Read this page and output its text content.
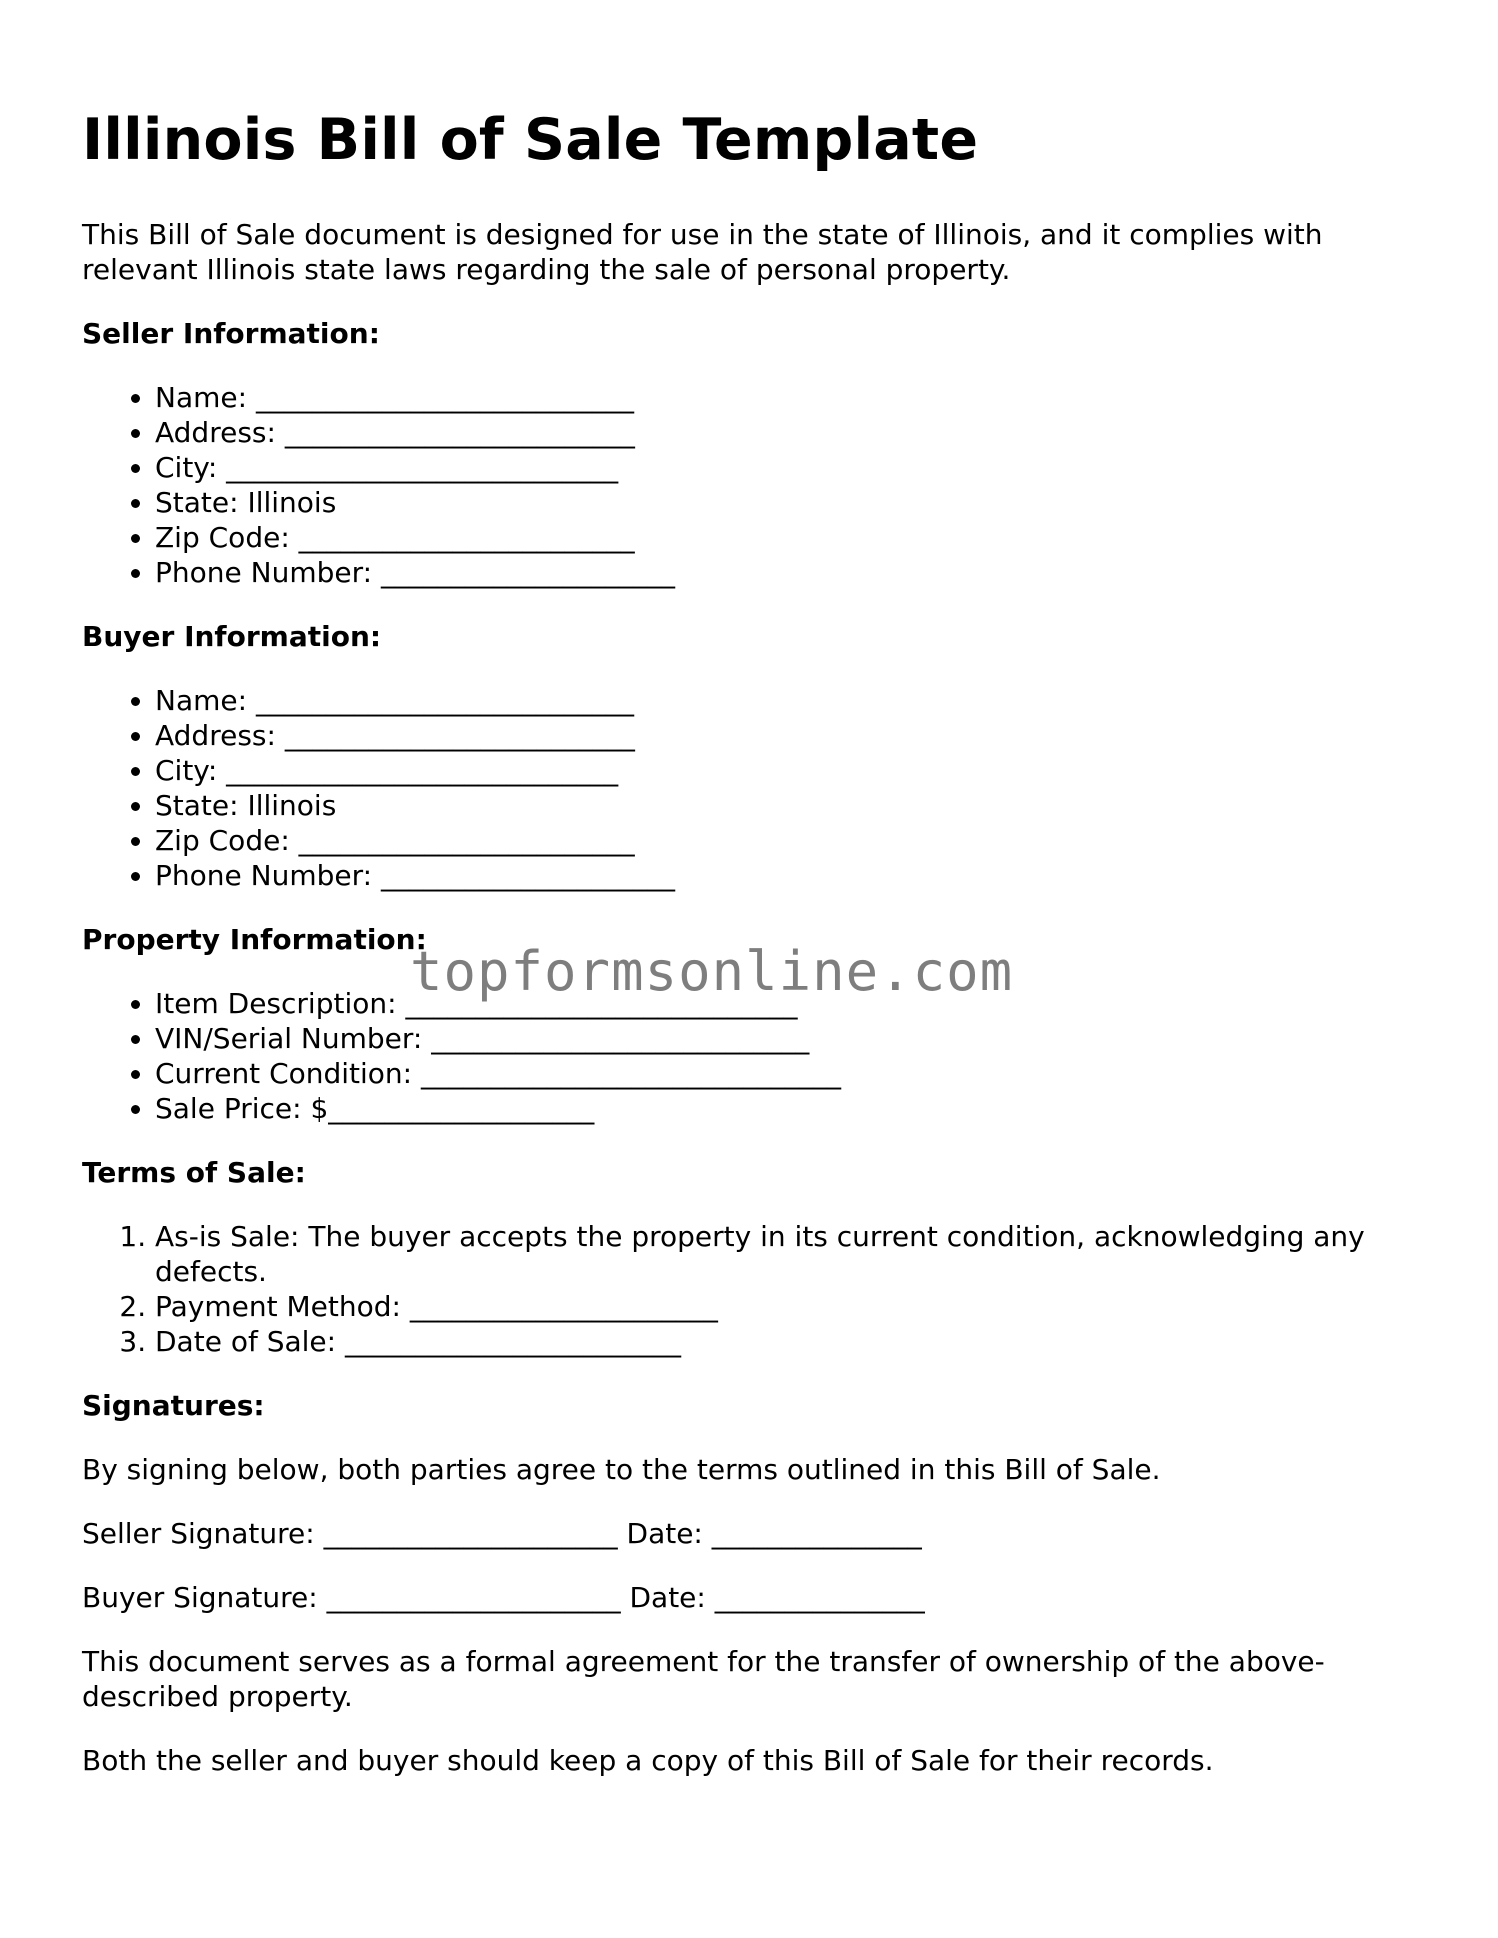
Illinois Bill of Sale Template

This Bill of Sale document is designed for use in the state of Illinois, and it complies with relevant Illinois state laws regarding the sale of personal property.

Seller Information:
• Name: ___________________________
• Address: _________________________
• City: ____________________________
• State: Illinois
• Zip Code: ________________________
• Phone Number: _____________________
Buyer Information:
• Name: ___________________________
• Address: _________________________
• City: ____________________________
• State: Illinois
• Zip Code: ________________________
• Phone Number: _____________________
Property Information:
• Item Description: ____________________________
• VIN/Serial Number: ___________________________
• Current Condition: ______________________________
• Sale Price: $___________________
Terms of Sale:
1. As-is Sale: The buyer accepts the property in its current condition, acknowledging any defects.
2. Payment Method: ______________________
3. Date of Sale: ________________________
Signatures:

By signing below, both parties agree to the terms outlined in this Bill of Sale.

Seller Signature: _____________________ Date: _______________

Buyer Signature: _____________________ Date: _______________

This document serves as a formal agreement for the transfer of ownership of the above-described property.

Both the seller and buyer should keep a copy of this Bill of Sale for their records.

topformsonline.com
